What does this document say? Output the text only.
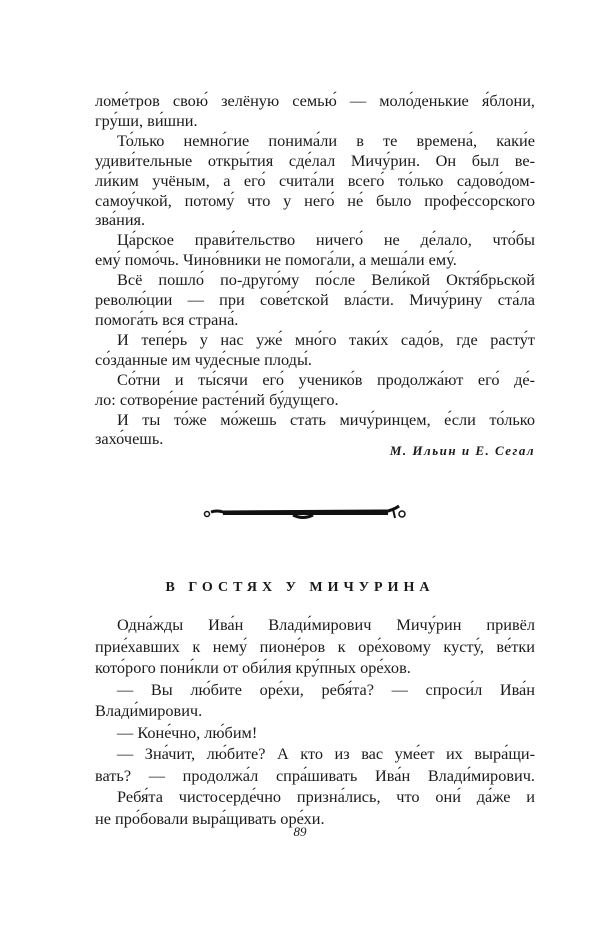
ломе́тров свою́ зелёную семью́ — моло́денькие я́блони,
гру́ши, ви́шни.
То́лько немно́гие понима́ли в те времена́, каки́е
удиви́тельные откры́тия сде́лал Мичу́рин. Он был ве-
ли́ким учёным, а его́ счита́ли всего́ то́лько садово́дом-
самоу́чкой, потому́ что у него́ не́ было профе́ссорского
зва́ния.
Ца́рское прави́тельство ничего́ не де́лало, что́бы
ему́ помо́чь. Чино́вники не помога́ли, а меша́ли ему́.
Всё пошло́ по-друго́му по́сле Вели́кой Октя́брьской
револю́ции — при сове́тской вла́сти. Мичу́рину ста́ла
помога́ть вся страна́.
И тепе́рь у нас уже́ мно́го таки́х садо́в, где расту́т
со́зданные им чуде́сные плоды́.
Со́тни и ты́сячи его́ ученико́в продолжа́ют его́ де́-
ло: сотворе́ние расте́ний бу́дущего.
И ты то́же мо́жешь стать мичу́ринцем, е́сли то́лько
захо́чешь.
М. Ильин и Е. Сегал
В ГОСТЯХ У МИЧУРИНА
Одна́жды Ива́н Влади́мирович Мичу́рин привёл
прие́хавших к нему́ пионе́ров к оре́ховому кусту́, ве́тки
кото́рого пони́кли от оби́лия кру́пных оре́хов.
— Вы лю́бите оре́хи, ребя́та? — спроси́л Ива́н
Влади́мирович.
— Коне́чно, лю́бим!
— Зна́чит, лю́бите? А кто из вас уме́ет их выра́щи-
вать? — продолжа́л спра́шивать Ива́н Влади́мирович.
Ребя́та чистосерде́чно призна́лись, что они́ да́же и
не про́бовали выра́щивать оре́хи.
89
